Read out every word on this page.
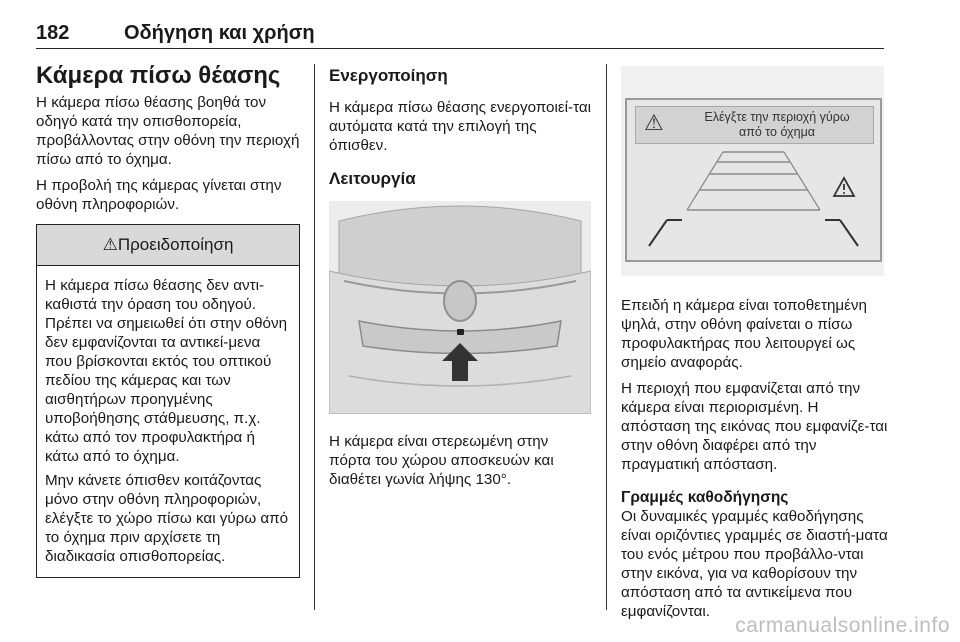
182	Οδήγηση και χρήση
Κάμερα πίσω θέασης

Η κάμερα πίσω θέασης βοηθά τον οδηγό κατά την οπισθοπορεία, προβάλλοντας στην οθόνη την περιοχή πίσω από το όχημα.

Η προβολή της κάμερας γίνεται στην οθόνη πληροφοριών.

⚠Προειδοποίηση

Η κάμερα πίσω θέασης δεν αντι-καθιστά την όραση του οδηγού. Πρέπει να σημειωθεί ότι στην οθόνη δεν εμφανίζονται τα αντικεί-μενα που βρίσκονται εκτός του οπτικού πεδίου της κάμερας και των αισθητήρων προηγμένης υποβοήθησης στάθμευσης, π.χ. κάτω από τον προφυλακτήρα ή κάτω από το όχημα.

Μην κάνετε όπισθεν κοιτάζοντας μόνο στην οθόνη πληροφοριών, ελέγξτε το χώρο πίσω και γύρω από το όχημα πριν αρχίσετε τη διαδικασία οπισθοπορείας.

Ενεργοποίηση

Η κάμερα πίσω θέασης ενεργοποιεί-ται αυτόματα κατά την επιλογή της όπισθεν.

Λειτουργία

Η κάμερα είναι στερεωμένη στην πόρτα του χώρου αποσκευών και διαθέτει γωνία λήψης 130°.

⚠	Ελέγξτε την περιοχή γύρω
από το όχημα

Επειδή η κάμερα είναι τοποθετημένη ψηλά, στην οθόνη φαίνεται ο πίσω προφυλακτήρας που λειτουργεί ως σημείο αναφοράς.

Η περιοχή που εμφανίζεται από την κάμερα είναι περιορισμένη. Η απόσταση της εικόνας που εμφανίζε-ται στην οθόνη διαφέρει από την πραγματική απόσταση.

Γραμμές καθοδήγησης

Οι δυναμικές γραμμές καθοδήγησης είναι οριζόντιες γραμμές σε διαστή-ματα του ενός μέτρου που προβάλλο-νται στην εικόνα, για να καθορίσουν την απόσταση από τα αντικείμενα που εμφανίζονται.

carmanualsonline.info
